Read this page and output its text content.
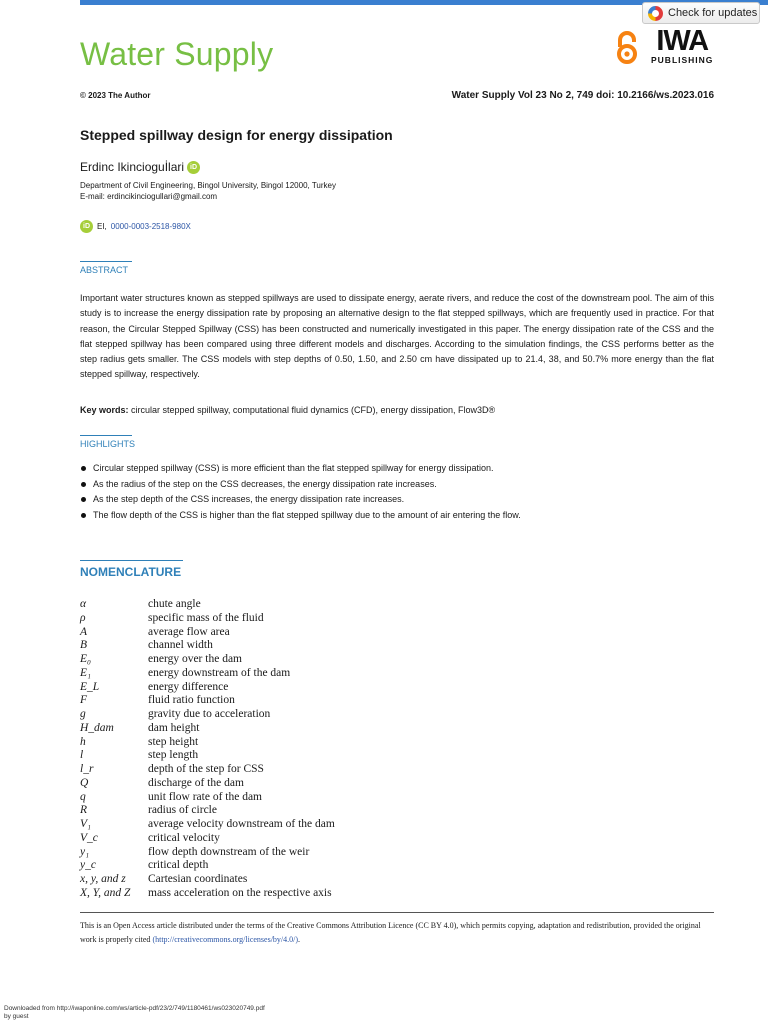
Check for updates
Water Supply	IWA
PUBLISHING
© 2023 The Author	Water Supply Vol 23 No 2, 749 doi: 10.2166/ws.2023.016
Stepped spillway design for energy dissipation
Erdinc Ikincioguİlari iD
Department of Civil Engineering, Bingol University, Bingol 12000, Turkey
E-mail: erdincikinciogullari@gmail.com
iD EI, 0000-0003-2518-980X
ABSTRACT
Important water structures known as stepped spillways are used to dissipate energy, aerate rivers, and reduce the cost of the downstream pool. The aim of this study is to increase the energy dissipation rate by proposing an alternative design to the flat stepped spillways, which are frequently used in practice. For that reason, the Circular Stepped Spillway (CSS) has been constructed and numerically investigated in this paper. The energy dissipation rate of the CSS and the flat stepped spillway has been compared using three different models and discharges. According to the simulation findings, the CSS performs better as the step radius gets smaller. The CSS models with step depths of 0.50, 1.50, and 2.50 cm have dissipated up to 21.4, 38, and 50.7% more energy than the flat stepped spillway, respectively.
Key words: circular stepped spillway, computational fluid dynamics (CFD), energy dissipation, Flow3D®
HIGHLIGHTS
Circular stepped spillway (CSS) is more efficient than the flat stepped spillway for energy dissipation.
As the radius of the step on the CSS decreases, the energy dissipation rate increases.
As the step depth of the CSS increases, the energy dissipation rate increases.
The flow depth of the CSS is higher than the flat stepped spillway due to the amount of air entering the flow.
NOMENCLATURE
α	chute angle
ρ	specific mass of the fluid
A	average flow area
B	channel width
E₀	energy over the dam
E₁	energy downstream of the dam
E_L	energy difference
F	fluid ratio function
g	gravity due to acceleration
H_dam	dam height
h	step height
l	step length
l_r	depth of the step for CSS
Q	discharge of the dam
q	unit flow rate of the dam
R	radius of circle
V₁	average velocity downstream of the dam
V_c	critical velocity
y₁	flow depth downstream of the weir
y_c	critical depth
x, y, and z	Cartesian coordinates
X, Y, and Z	mass acceleration on the respective axis
This is an Open Access article distributed under the terms of the Creative Commons Attribution Licence (CC BY 4.0), which permits copying, adaptation and redistribution, provided the original work is properly cited (http://creativecommons.org/licenses/by/4.0/).
Downloaded from http://iwaponline.com/ws/article-pdf/23/2/749/1180461/ws023020749.pdf
by guest
